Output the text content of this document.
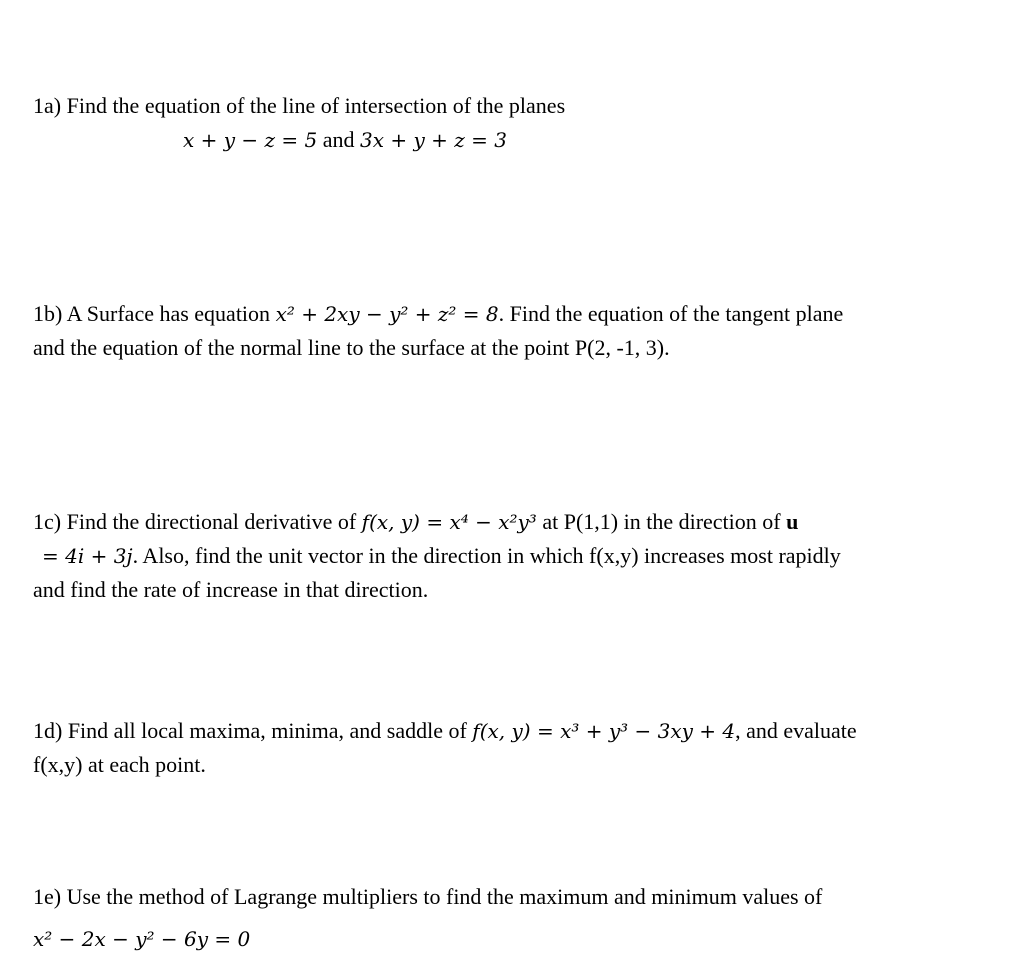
1a) Find the equation of the line of intersection of the planes
x + y − z = 5 and 3x + y + z = 3
1b) A Surface has equation x² + 2xy − y² + z² = 8. Find the equation of the tangent plane
and the equation of the normal line to the surface at the point P(2, -1, 3).
1c) Find the directional derivative of f(x, y) = x⁴ − x²y³ at P(1,1) in the direction of u
= 4i + 3j. Also, find the unit vector in the direction in which f(x,y) increases most rapidly
and find the rate of increase in that direction.
1d) Find all local maxima, minima, and saddle of f(x, y) = x³ + y³ − 3xy + 4, and evaluate
f(x,y) at each point.
1e) Use the method of Lagrange multipliers to find the maximum and minimum values of
x² − 2x − y² − 6y = 0
